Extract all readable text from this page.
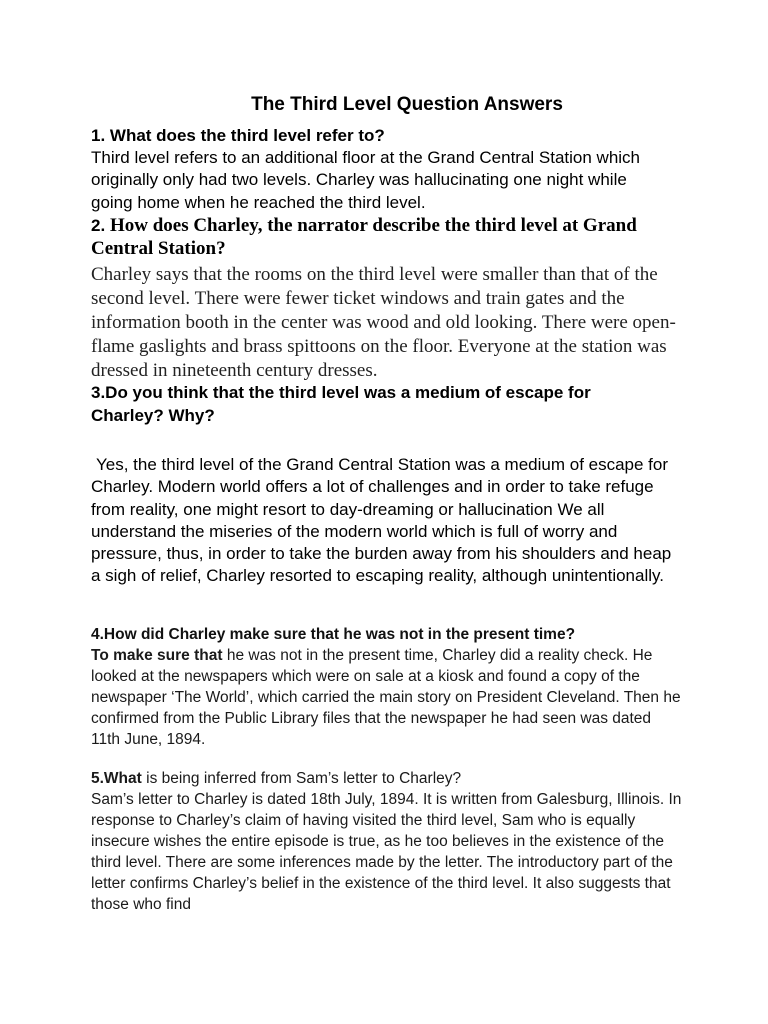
The Third Level Question Answers

1. What does the third level refer to?

Third level refers to an additional floor at the Grand Central Station which originally only had two levels. Charley was hallucinating one night while going home when he reached the third level.

2. How does Charley, the narrator describe the third level at Grand Central Station?

Charley says that the rooms on the third level were smaller than that of the second level. There were fewer ticket windows and train gates and the information booth in the center was wood and old looking. There were open- flame gaslights and brass spittoons on the floor. Everyone at the station was dressed in nineteenth century dresses.

3.Do you think that the third level was a medium of escape for Charley? Why?

Yes, the third level of the Grand Central Station was a medium of escape for Charley. Modern world offers a lot of challenges and in order to take refuge from reality, one might resort to day-dreaming or hallucination We all understand the miseries of the modern world which is full of worry and pressure, thus, in order to take the burden away from his shoulders and heap a sigh of relief, Charley resorted to escaping reality, although unintentionally.

4.How did Charley make sure that he was not in the present time?

To make sure that he was not in the present time, Charley did a reality check. He looked at the newspapers which were on sale at a kiosk and found a copy of the newspaper ‘The World’, which carried the main story on President Cleveland. Then he confirmed from the Public Library files that the newspaper he had seen was dated 11th June, 1894.

5.What is being inferred from Sam’s letter to Charley?

Sam’s letter to Charley is dated 18th July, 1894. It is written from Galesburg, Illinois. In response to Charley’s claim of having visited the third level, Sam who is equally insecure wishes the entire episode is true, as he too believes in the existence of the third level. There are some inferences made by the letter. The introductory part of the letter confirms Charley’s belief in the existence of the third level. It also suggests that those who find
